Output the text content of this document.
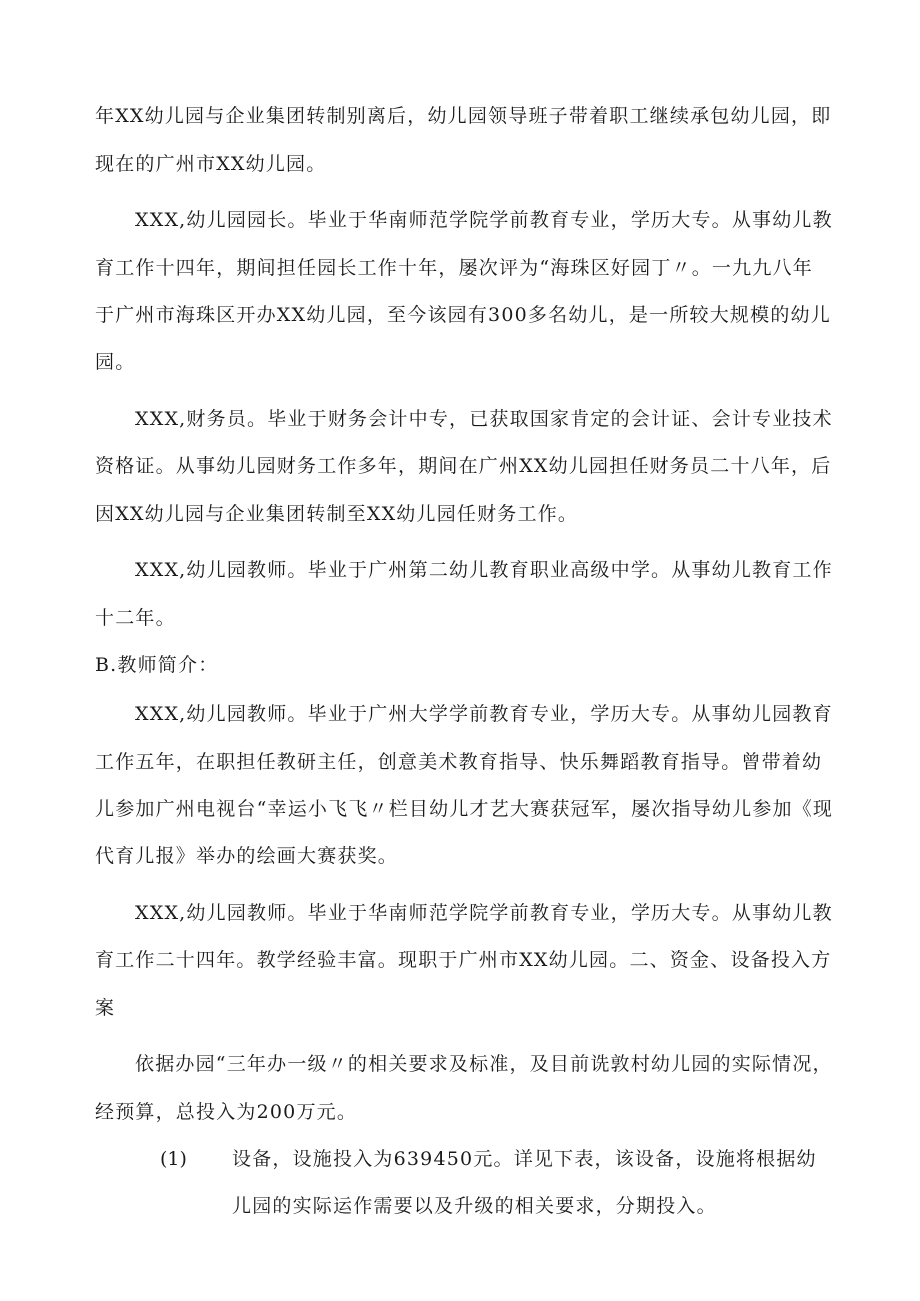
年XX幼儿园与企业集团转制别离后，幼儿园领导班子带着职工继续承包幼儿园，即
现在的广州市XX幼儿园。
XXX,幼儿园园长。毕业于华南师范学院学前教育专业，学历大专。从事幼儿教
育工作十四年，期间担任园长工作十年，屡次评为“海珠区好园丁〃。一九九八年
于广州市海珠区开办XX幼儿园，至今该园有300多名幼儿，是一所较大规模的幼儿
园。
XXX,财务员。毕业于财务会计中专，已获取国家肯定的会计证、会计专业技术
资格证。从事幼儿园财务工作多年，期间在广州XX幼儿园担任财务员二十八年，后
因XX幼儿园与企业集团转制至XX幼儿园任财务工作。
XXX,幼儿园教师。毕业于广州第二幼儿教育职业高级中学。从事幼儿教育工作
十二年。
B.教师简介：
XXX,幼儿园教师。毕业于广州大学学前教育专业，学历大专。从事幼儿园教育
工作五年，在职担任教研主任，创意美术教育指导、快乐舞蹈教育指导。曾带着幼
儿参加广州电视台“幸运小飞飞〃栏目幼儿才艺大赛获冠军，屡次指导幼儿参加《现
代育儿报》举办的绘画大赛获奖。
XXX,幼儿园教师。毕业于华南师范学院学前教育专业，学历大专。从事幼儿教
育工作二十四年。教学经验丰富。现职于广州市XX幼儿园。二、资金、设备投入方
案
依据办园“三年办一级〃的相关要求及标准，及目前诜敦村幼儿园的实际情况，
经预算，总投入为200万元。
(1) 设备，设施投入为639450元。详见下表，该设备，设施将根据幼
儿园的实际运作需要以及升级的相关要求，分期投入。
